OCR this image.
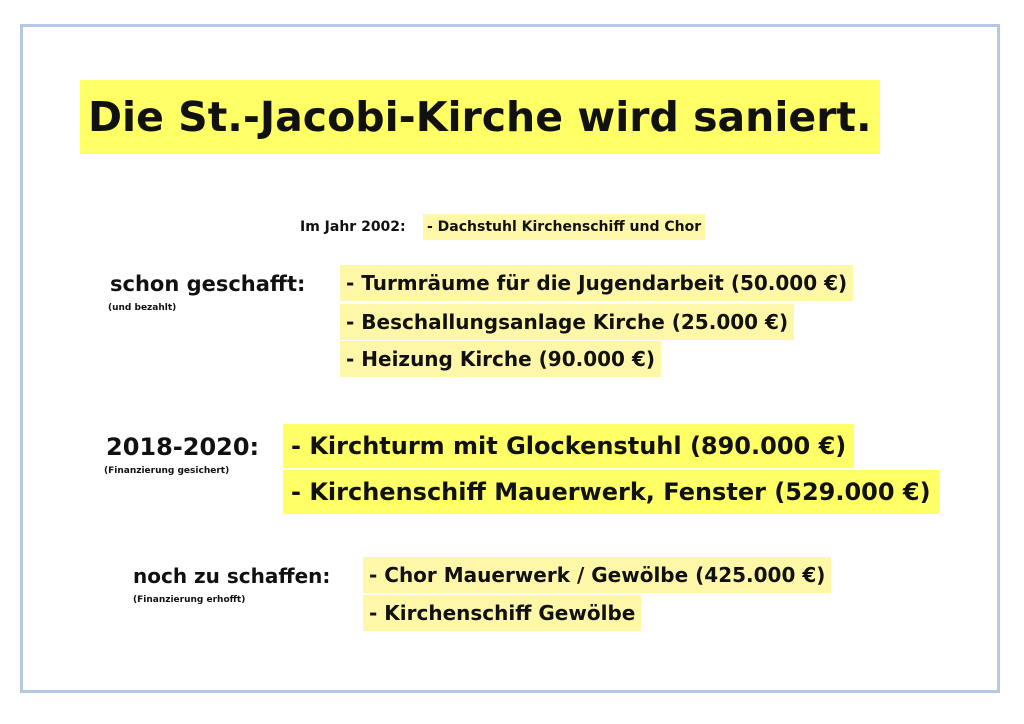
Die St.-Jacobi-Kirche wird saniert.
Im Jahr 2002: - Dachstuhl Kirchenschiff und Chor
schon geschafft:
(und bezahlt)
- Turmräume für die Jugendarbeit (50.000 €)
- Beschallungsanlage Kirche (25.000 €)
- Heizung Kirche (90.000 €)
2018-2020:
(Finanzierung gesichert)
- Kirchturm mit Glockenstuhl (890.000 €)
- Kirchenschiff Mauerwerk, Fenster (529.000 €)
noch zu schaffen:
(Finanzierung erhofft)
- Chor Mauerwerk / Gewölbe (425.000 €)
- Kirchenschiff Gewölbe
